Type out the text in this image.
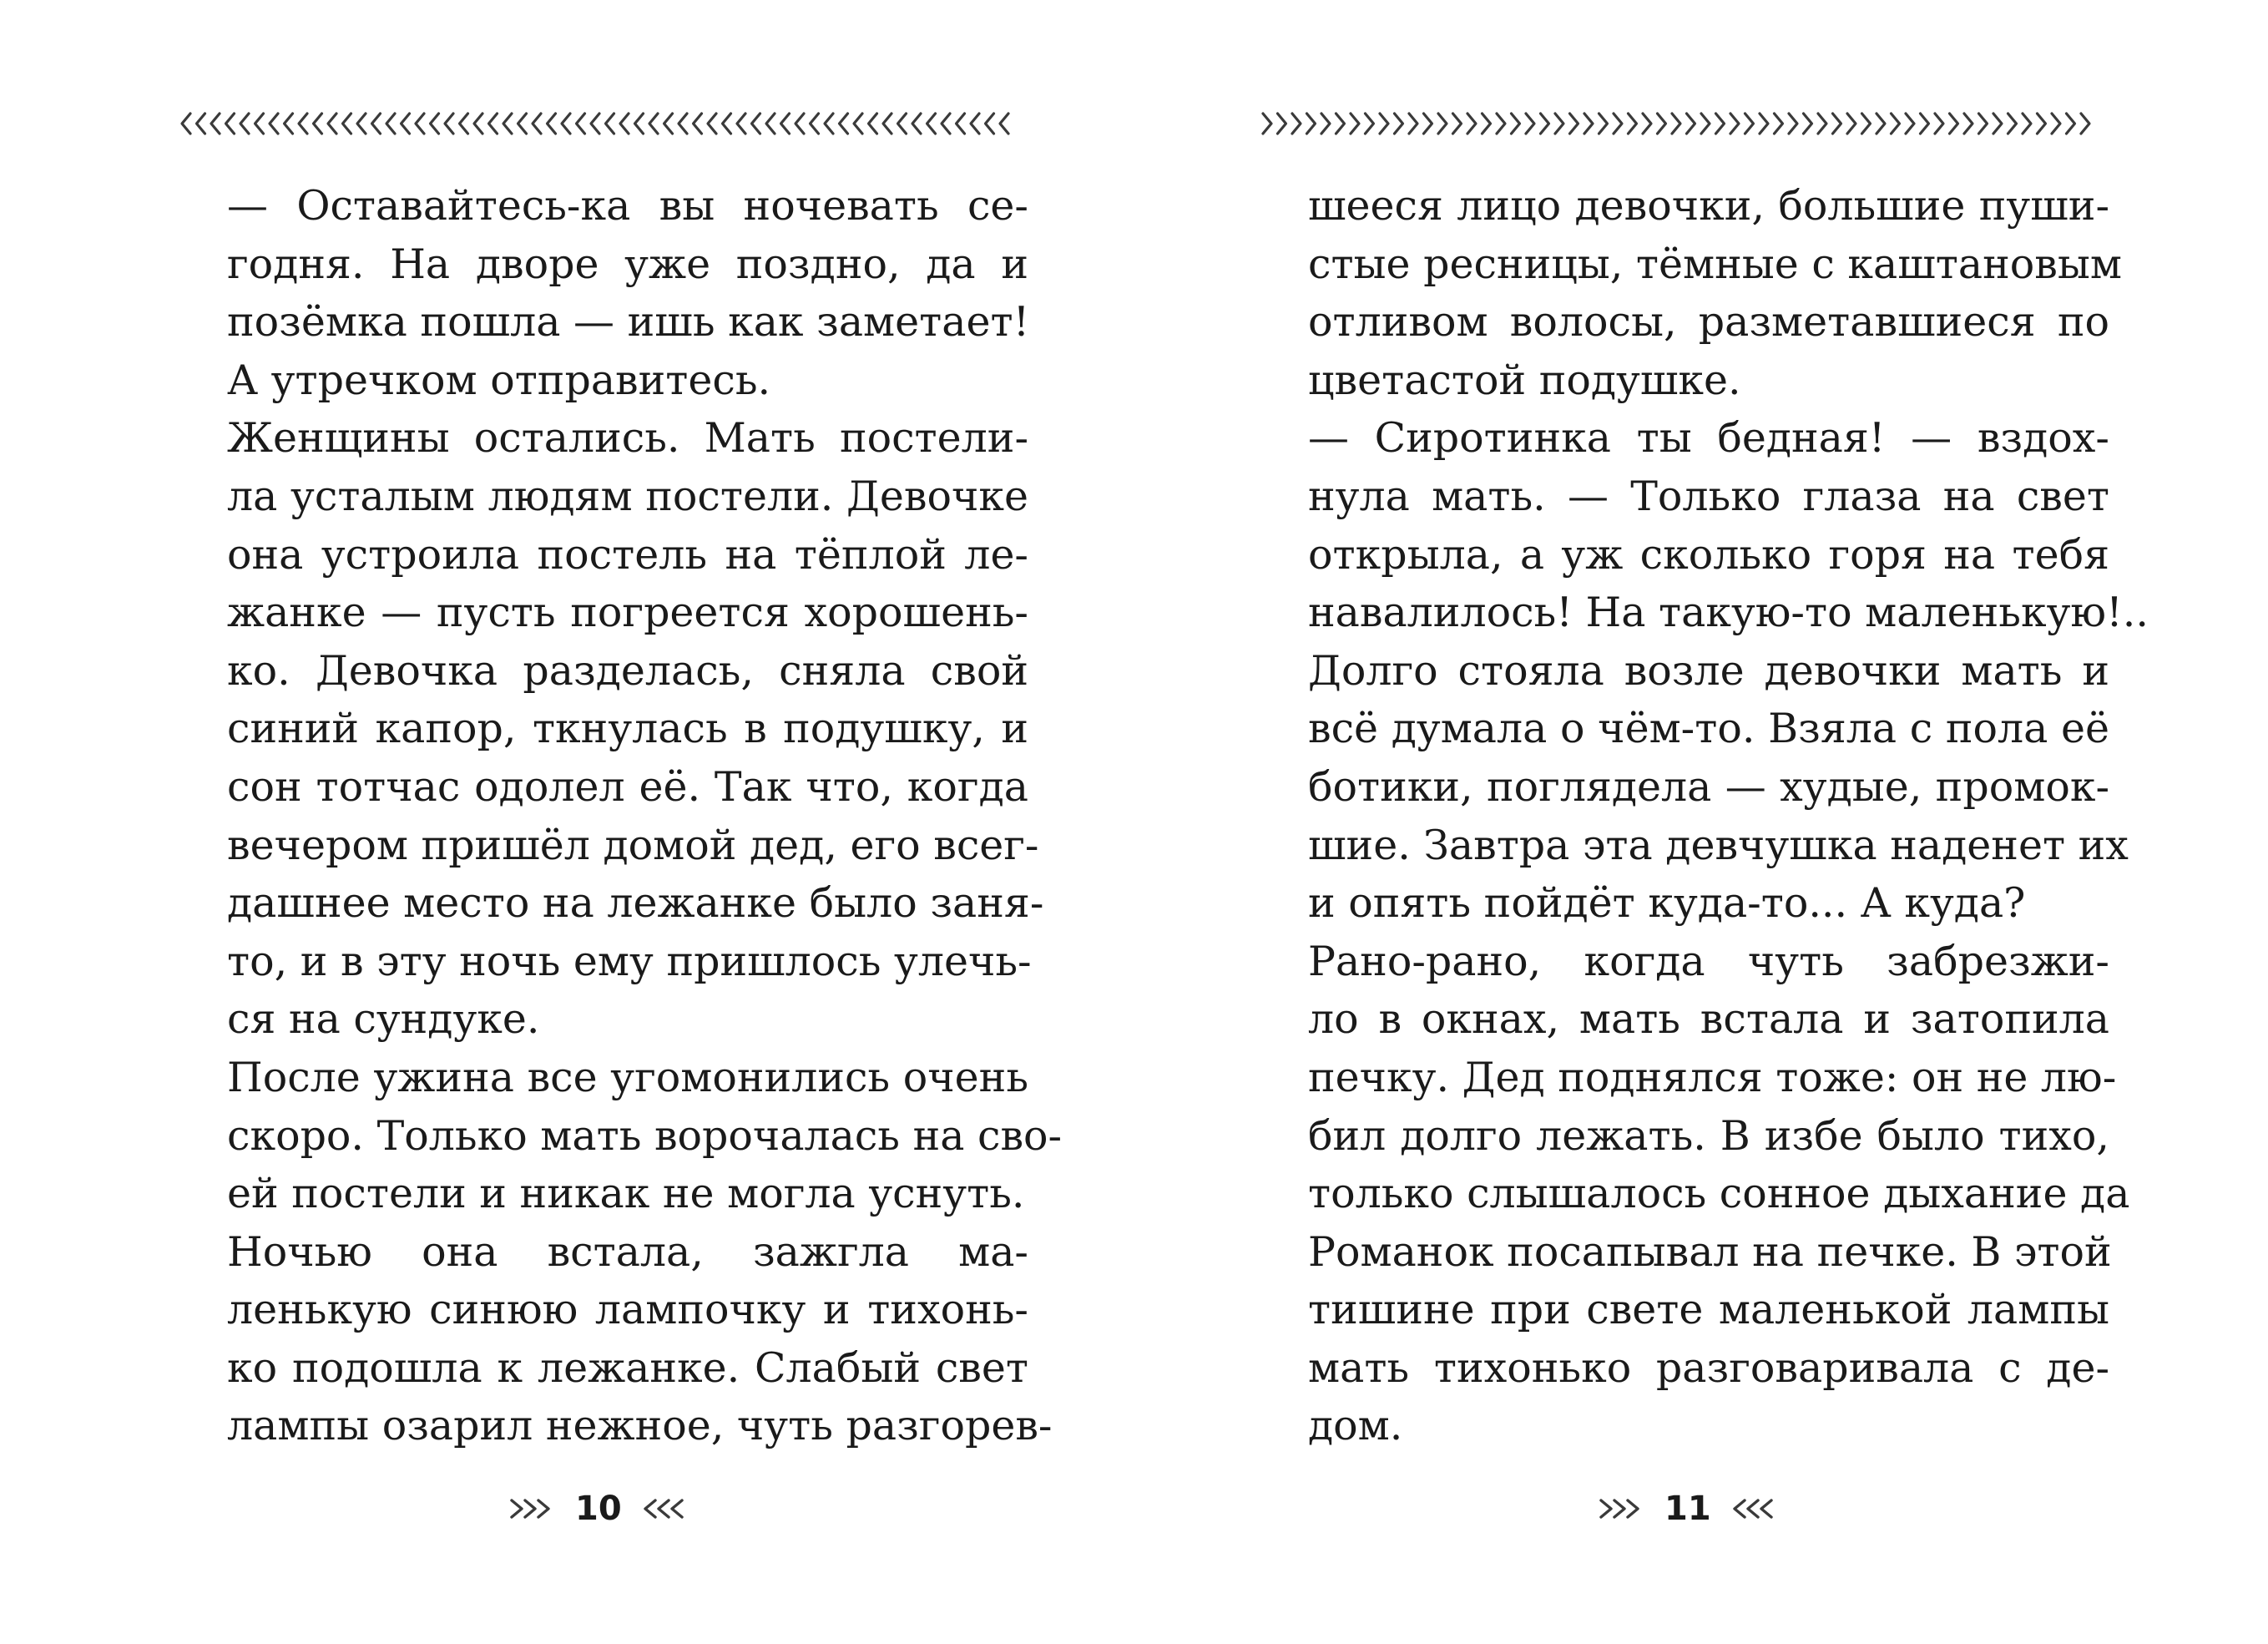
— Оставайтесь-ка вы ночевать се-
годня. На дворе уже поздно, да и
позёмка пошла — ишь как заметает!
А утречком отправитесь.
Женщины остались. Мать постели-
ла усталым людям постели. Девочке
она устроила постель на тёплой ле-
жанке — пусть погреется хорошень-
ко. Девочка разделась, сняла свой
синий капор, ткнулась в подушку, и
сон тотчас одолел её. Так что, когда
вечером пришёл домой дед, его всег-
дашнее место на лежанке было заня-
то, и в эту ночь ему пришлось улечь-
ся на сундуке.
После ужина все угомонились очень
скоро. Только мать ворочалась на сво-
ей постели и никак не могла уснуть.
Ночью она встала, зажгла ма-
ленькую синюю лампочку и тихонь-
ко подошла к лежанке. Слабый свет
лампы озарил нежное, чуть разгорев-
10
шееся лицо девочки, большие пуши-
стые ресницы, тёмные с каштановым
отливом волосы, разметавшиеся по
цветастой подушке.
— Сиротинка ты бедная! — вздох-
нула мать. — Только глаза на свет
открыла, а уж сколько горя на тебя
навалилось! На такую-то маленькую!..
Долго стояла возле девочки мать и
всё думала о чём-то. Взяла с пола её
ботики, поглядела — худые, промок-
шие. Завтра эта девчушка наденет их
и опять пойдёт куда-то... А куда?
Рано-рано, когда чуть забрезжи-
ло в окнах, мать встала и затопила
печку. Дед поднялся тоже: он не лю-
бил долго лежать. В избе было тихо,
только слышалось сонное дыхание да
Романок посапывал на печке. В этой
тишине при свете маленькой лампы
мать тихонько разговаривала с де-
дом.
11
